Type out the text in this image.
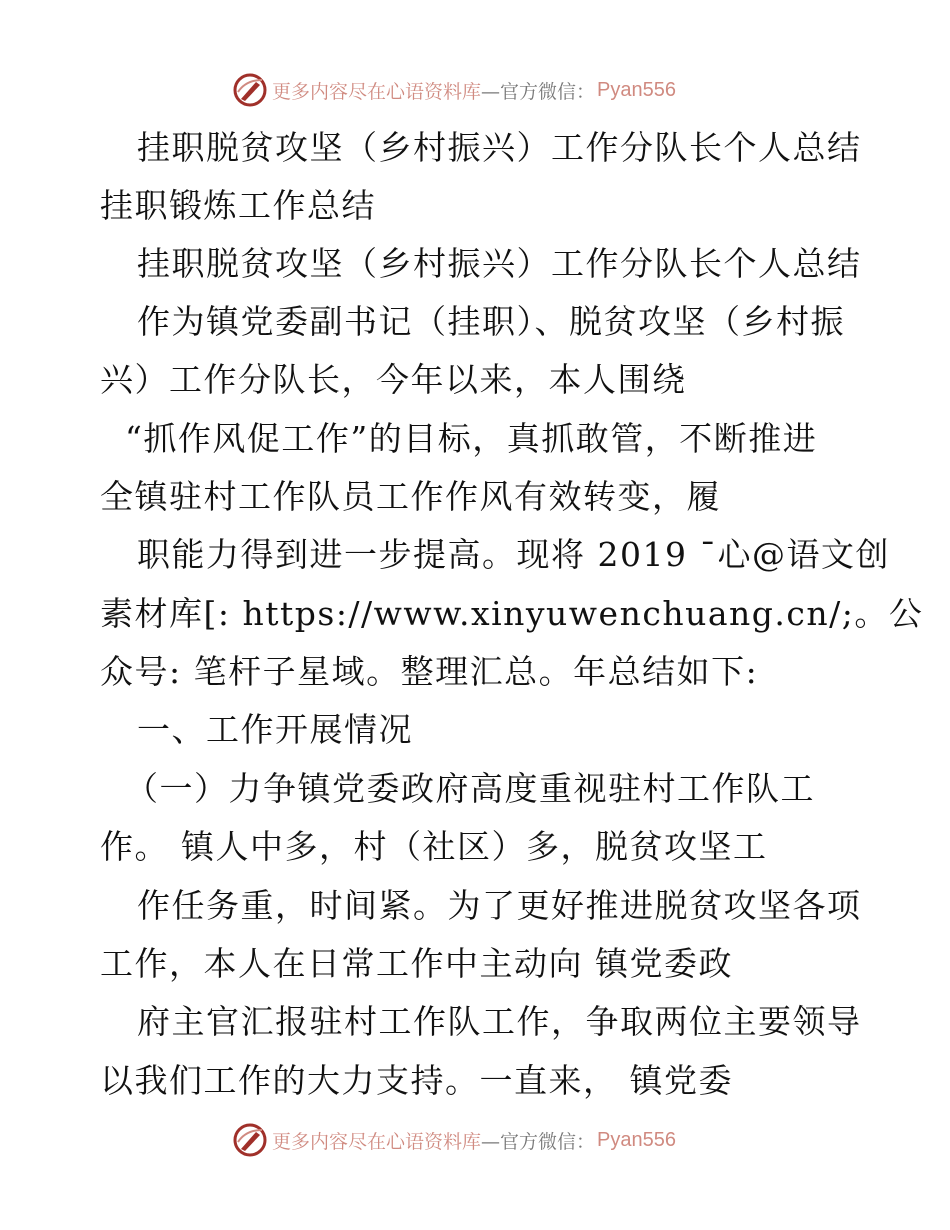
更多内容尽在心语资料库 —官方微信： Pyan556
挂职脱贫攻坚（乡村振兴）工作分队长个人总结
挂职锻炼工作总结
挂职脱贫攻坚（乡村振兴）工作分队长个人总结
作为镇党委副书记（挂职）、脱贫攻坚（乡村振
兴）工作分队长，今年以来，本人围绕
“抓作风促工作”的目标，真抓敢管，不断推进
全镇驻村工作队员工作作风有效转变，履
职能力得到进一步提高。现将 2019 ¯心@语文创
素材库[: https://www.xinyuwenchuang.cn/;。公
众号: 笔杆子星域。整理汇总。年总结如下:
一、工作开展情况
（一）力争镇党委政府高度重视驻村工作队工
作。 镇人中多，村（社区）多，脱贫攻坚工
作任务重，时间紧。为了更好推进脱贫攻坚各项
工作，本人在日常工作中主动向 镇党委政
府主官汇报驻村工作队工作，争取两位主要领导
以我们工作的大力支持。一直来， 镇党委
更多内容尽在心语资料库 —官方微信： Pyan556
